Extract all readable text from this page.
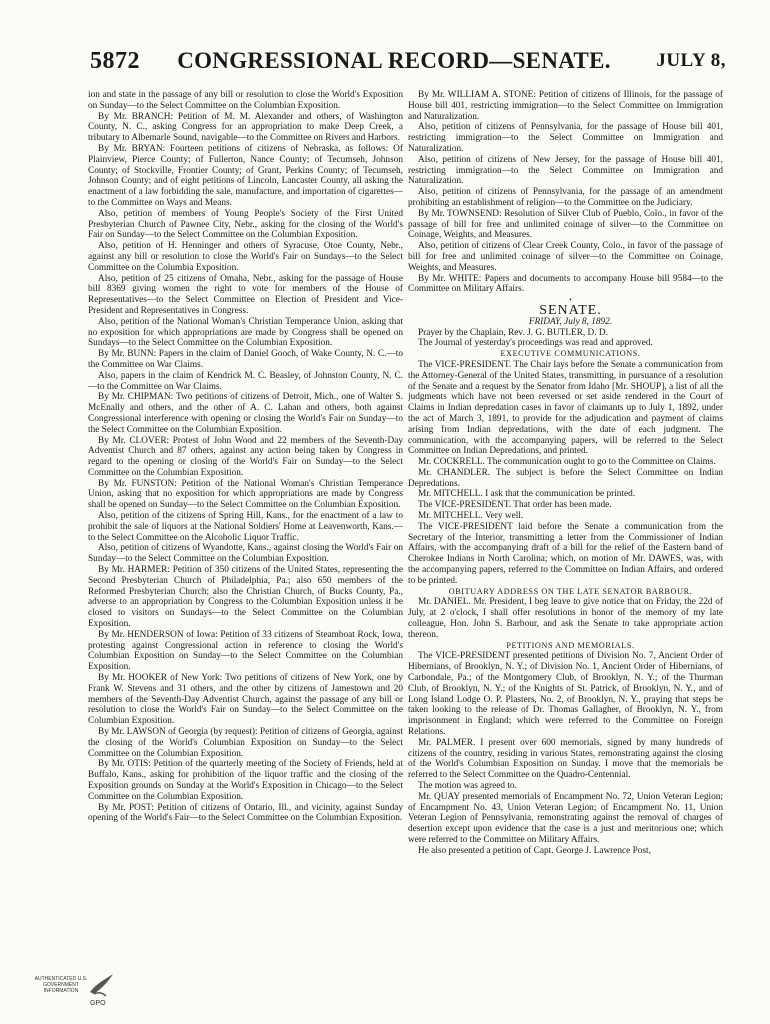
5872	CONGRESSIONAL RECORD—SENATE.	JULY 8,

ion and state in the passage of any bill or resolution to close the World's Exposition on Sunday—to the Select Committee on the Columbian Exposition.

By Mr. BRANCH: Petition of M. M. Alexander and others, of Washington County, N. C., asking Congress for an appropriation to make Deep Creek, a tributary to Albemarle Sound, navigable—to the Committee on Rivers and Harbors.

By Mr. BRYAN: Fourteen petitions of citizens of Nebraska, as follows: Of Plainview, Pierce County; of Fullerton, Nance County; of Tecumseh, Johnson County; of Stockville, Frontier County; of Grant, Perkins County; of Tecumseh, Johnson County; and of eight petitions of Lincoln, Lancaster County, all asking the enactment of a law forbidding the sale, manufacture, and importation of cigarettes—to the Committee on Ways and Means.

Also, petition of members of Young People's Society of the First United Presbyterian Church of Pawnee City, Nebr., asking for the closing of the World's Fair on Sunday—to the Select Committee on the Columbian Exposition.

Also, petition of H. Henninger and others of Syracuse, Otoe County, Nebr., against any bill or resolution to close the World's Fair on Sundays—to the Select Committee on the Columbia Exposition.

Also, petition of 25 citizens of Omaha, Nebr., asking for the passage of House bill 8369 giving women the right to vote for members of the House of Representatives—to the Select Committee on Election of President and Vice-President and Representatives in Congress.

Also, petition of the National Woman's Christian Temperance Union, asking that no exposition for which appropriations are made by Congress shall be opened on Sundays—to the Select Committee on the Columbian Exposition.

By Mr. BUNN: Papers in the claim of Daniel Gooch, of Wake County, N. C.—to the Committee on War Claims.

Also, papers in the claim of Kendrick M. C. Beasley, of Johnston County, N. C.—to the Committee on War Claims.

By Mr. CHIPMAN: Two petitions of citizens of Detroit, Mich., one of Walter S. McEnally and others, and the other of A. C. Lahan and others, both against Congressional interference with opening or closing the World's Fair on Sunday—to the Select Committee on the Columbian Exposition.

By Mr. CLOVER: Protest of John Wood and 22 members of the Seventh-Day Adventist Church and 87 others, against any action being taken by Congress in regard to the opening or closing of the World's Fair on Sunday—to the Select Committee on the Columbian Exposition.

By Mr. FUNSTON: Petition of the National Woman's Christian Temperance Union, asking that no exposition for which appropriations are made by Congress shall be opened on Sunday—to the Select Committee on the Columbian Exposition.

Also, petition of the citizens of Spring Hill, Kans., for the enactment of a law to prohibit the sale of liquors at the National Soldiers' Home at Leavenworth, Kans.—to the Select Committee on the Alcoholic Liquor Traffic.

Also, petition of citizens of Wyandotte, Kans., against closing the World's Fair on Sunday—to the Select Committee on the Columbian Exposition.

By Mr. HARMER: Petition of 350 citizens of the United States, representing the Second Presbyterian Church of Philadelphia, Pa.; also 650 members of the Reformed Presbyterian Church; also the Christian Church, of Bucks County, Pa., adverse to an appropriation by Congress to the Columbian Exposition unless it be closed to visitors on Sundays—to the Select Committee on the Columbian Exposition.

By Mr. HENDERSON of Iowa: Petition of 33 citizens of Steamboat Rock, Iowa, protesting against Congressional action in reference to closing the World's Columbian Exposition on Sunday—to the Select Committee on the Columbian Exposition.

By Mr. HOOKER of New York: Two petitions of citizens of New York, one by Frank W. Stevens and 31 others, and the other by citizens of Jamestown and 20 members of the Seventh-Day Adventist Church, against the passage of any bill or resolution to close the World's Fair on Sunday—to the Select Committee on the Columbian Exposition.

By Mr. LAWSON of Georgia (by request): Petition of citizens of Georgia, against the closing of the World's Columbian Exposition on Sunday—to the Select Committee on the Columbian Exposition.

By Mr. OTIS: Petition of the quarterly meeting of the Society of Friends, held at Buffalo, Kans., asking for prohibition of the liquor traffic and the closing of the Exposition grounds on Sunday at the World's Exposition in Chicago—to the Select Committee on the Columbian Exposition.

By Mr. POST: Petition of citizens of Ontario, Ill., and vicinity, against Sunday opening of the World's Fair—to the Select Committee on the Columbian Exposition.

By Mr. WILLIAM A. STONE: Petition of citizens of Illinois, for the passage of House bill 401, restricting immigration—to the Select Committee on Immigration and Naturalization.

Also, petition of citizens of Pennsylvania, for the passage of House bill 401, restricting immigration—to the Select Committee on Immigration and Naturalization.

Also, petition of citizens of New Jersey, for the passage of House bill 401, restricting immigration—to the Select Committee on Immigration and Naturalization.

Also, petition of citizens of Pennsylvania, for the passage of an amendment prohibiting an establishment of religion—to the Committee on the Judiciary.

By Mr. TOWNSEND: Resolution of Silver Club of Pueblo, Colo., in favor of the passage of bill for free and unlimited coinage of silver—to the Committee on Coinage, Weights, and Measures.

Also, petition of citizens of Clear Creek County, Colo., in favor of the passage of bill for free and unlimited coinage of silver—to the Committee on Coinage, Weights, and Measures.

By Mr. WHITE: Papers and documents to accompany House bill 9584—to the Committee on Military Affairs.

•

SENATE.

FRIDAY, July 8, 1892.

Prayer by the Chaplain, Rev. J. G. BUTLER, D. D.

The Journal of yesterday's proceedings was read and approved.

EXECUTIVE COMMUNICATIONS.

The VICE-PRESIDENT. The Chair lays before the Senate a communication from the Attorney-General of the United States, transmitting, in pursuance of a resolution of the Senate and a request by the Senator from Idaho [Mr. SHOUP], a list of all the judgments which have not been reversed or set aside rendered in the Court of Claims in Indian depredation cases in favor of claimants up to July 1, 1892, under the act of March 3, 1891, to provide for the adjudication and payment of claims arising from Indian depredations, with the date of each judgment. The communication, with the accompanying papers, will be referred to the Select Committee on Indian Depredations, and printed.

Mr. COCKRELL. The communication ought to go to the Committee on Claims.

Mr. CHANDLER. The subject is before the Select Committee on Indian Depredations.

Mr. MITCHELL. I ask that the communication be printed.

The VICE-PRESIDENT. That order has been made.

Mr. MITCHELL. Very well.

The VICE-PRESIDENT laid before the Senate a communication from the Secretary of the Interior, transmitting a letter from the Commissioner of Indian Affairs, with the accompanying draft of a bill for the relief of the Eastern band of Cherokee Indians in North Carolina; which, on motion of Mr. DAWES, was, with the accompanying papers, referred to the Committee on Indian Affairs, and ordered to be printed.

OBITUARY ADDRESS ON THE LATE SENATOR BARBOUR.

Mr. DANIEL. Mr. President, I beg leave to give notice that on Friday, the 22d of July, at 2 o'clock, I shall offer resolutions in honor of the memory of my late colleague, Hon. John S. Barbour, and ask the Senate to take appropriate action thereon.

PETITIONS AND MEMORIALS.

The VICE-PRESIDENT presented petitions of Division No. 7, Ancient Order of Hibernians, of Brooklyn, N. Y.; of Division No. 1, Ancient Order of Hibernians, of Carbondale, Pa.; of the Montgomery Club, of Brooklyn, N. Y.; of the Thurman Club, of Brooklyn, N. Y.; of the Knights of St. Patrick, of Brooklyn, N. Y., and of Long Island Lodge O. P. Plasters, No. 2, of Brooklyn, N. Y., praying that steps be taken looking to the release of Dr. Thomas Gallagher, of Brooklyn, N. Y., from imprisonment in England; which were referred to the Committee on Foreign Relations.

Mr. PALMER. I present over 600 memorials, signed by many hundreds of citizens of the country, residing in various States, remonstrating against the closing of the World's Columbian Exposition on Sunday. I move that the memorials be referred to the Select Committee on the Quadro-Centennial.

The motion was agreed to.

Mr. QUAY presented memorials of Encampment No. 72, Union Veteran Legion; of Encampment No. 43, Union Veteran Legion; of Encampment No. 11, Union Veteran Legion of Pennsylvania, remonstrating against the removal of charges of desertion except upon evidence that the case is a just and meritorious one; which were referred to the Committee on Military Affairs.

He also presented a petition of Capt. George J. Lawrence Post,

AUTHENTICATED U.S. GOVERNMENT INFORMATION
GPO
